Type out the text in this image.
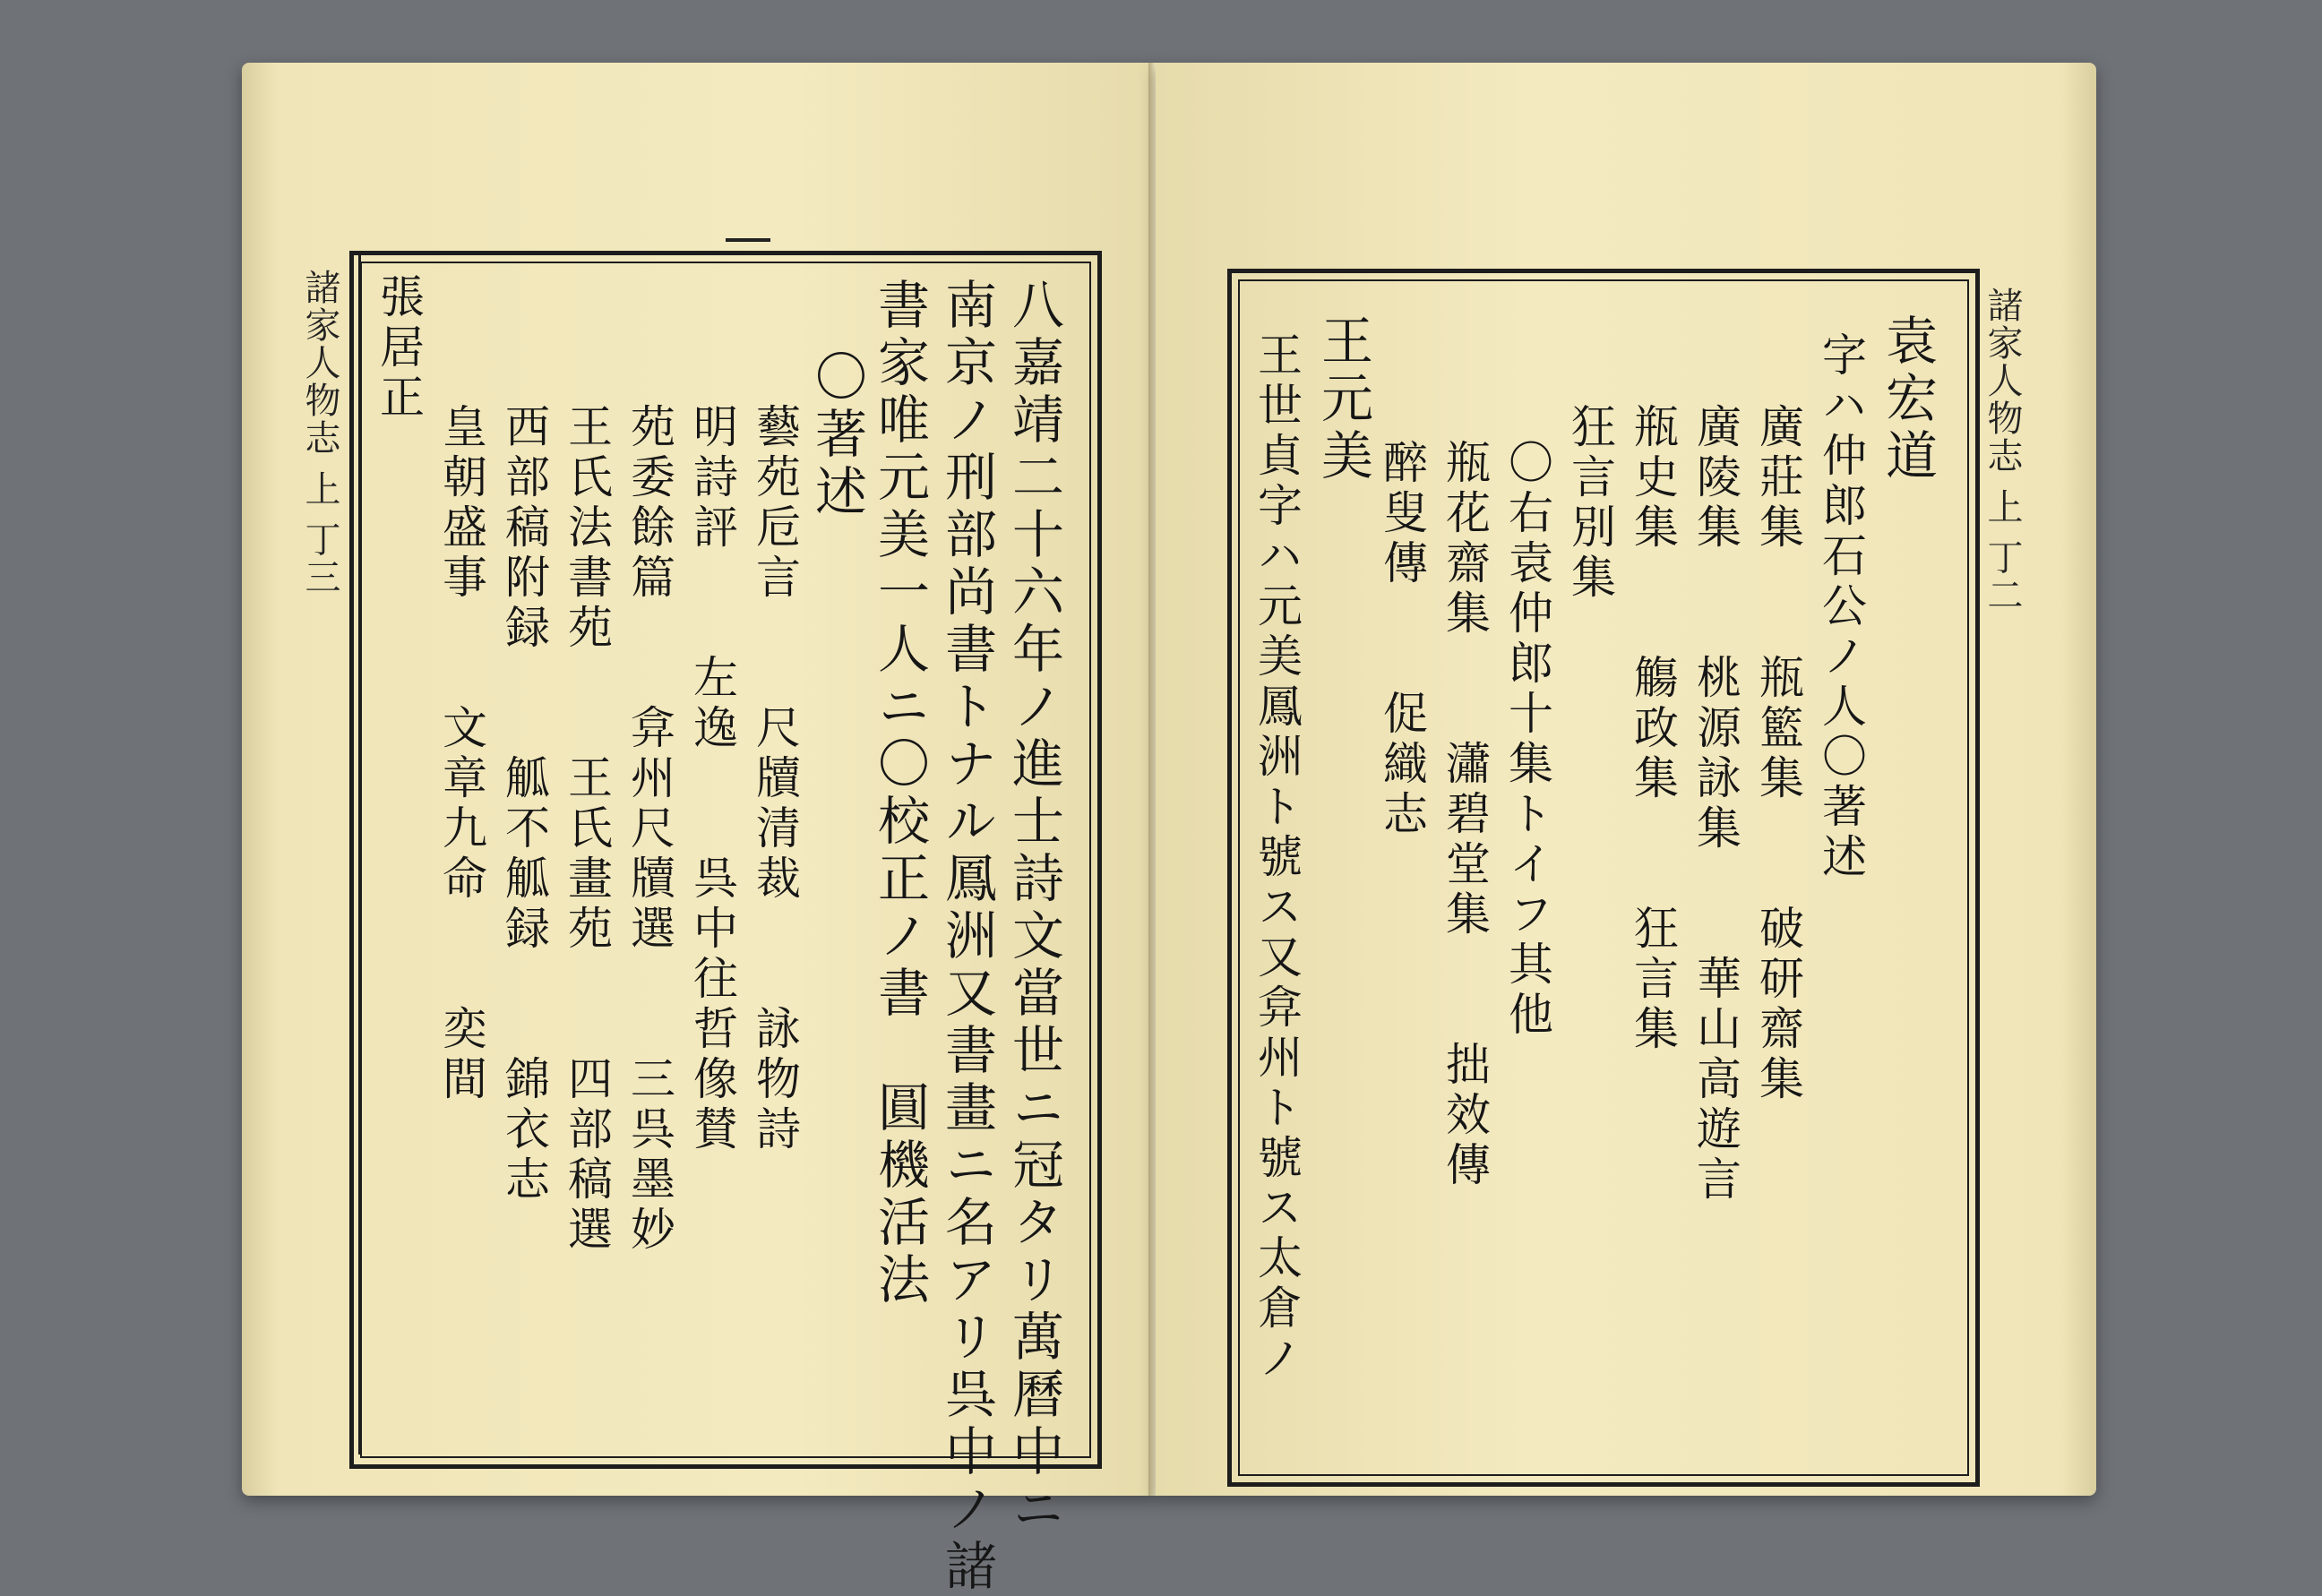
諸家人物志 上 丁三	八嘉靖二十六年ノ進士詩文當世ニ冠タリ萬曆中ニ
南京ノ刑部尚書トナル鳳洲又書畫ニ名アリ呉中ノ諸
書家唯元美一人ニ〇校正ノ書　圓機活法
〇著述
藝苑卮言　　尺牘清裁　　詠物詩
明詩評　　左逸　　呉中往哲像賛
苑委餘篇　　弇州尺牘選　　三呉墨妙
王氏法書苑　　王氏畫苑　　四部稿選
西部稿附録　　觚不觚録　　錦衣志
皇朝盛事　　文章九命　　奕間
張居正	諸家人物志 上 丁二
袁宏道
字ハ仲郎石公ノ人〇著述
廣莊集　　瓶籃集　　破研齋集
廣陵集　　桃源詠集　　華山高遊言
瓶史集　　觴政集　　狂言集
狂言別集
〇右袁仲郎十集トイフ其他
瓶花齋集　　瀟碧堂集　　拙效傳
醉叟傳　　促織志
王元美
王世貞字ハ元美鳳洲ト號ス又弇州ト號ス太倉ノ
